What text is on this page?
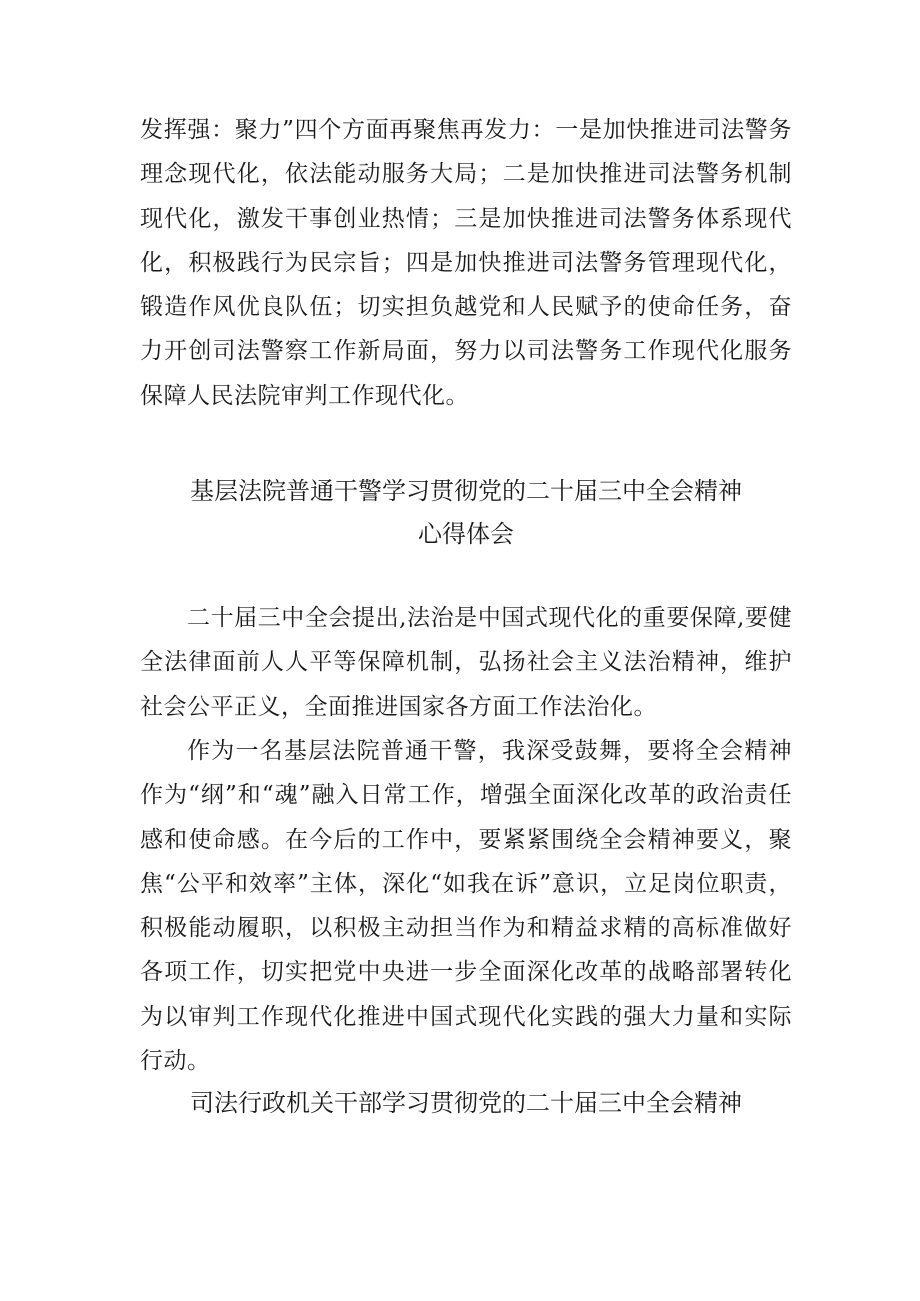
发挥强：聚力”四个方面再聚焦再发力：一是加快推进司法警务理念现代化，依法能动服务大局；二是加快推进司法警务机制现代化，激发干事创业热情；三是加快推进司法警务体系现代化，积极践行为民宗旨；四是加快推进司法警务管理现代化，锻造作风优良队伍；切实担负越党和人民赋予的使命任务，奋力开创司法警察工作新局面，努力以司法警务工作现代化服务保障人民法院审判工作现代化。

基层法院普通干警学习贯彻党的二十届三中全会精神
心得体会

二十届三中全会提出,法治是中国式现代化的重要保障,要健全法律面前人人平等保障机制，弘扬社会主义法治精神，维护社会公平正义，全面推进国家各方面工作法治化。

作为一名基层法院普通干警，我深受鼓舞，要将全会精神作为“纲”和“魂”融入日常工作，增强全面深化改革的政治责任感和使命感。在今后的工作中，要紧紧围绕全会精神要义，聚焦“公平和效率”主体，深化“如我在诉”意识，立足岗位职责，积极能动履职，以积极主动担当作为和精益求精的高标准做好各项工作，切实把党中央进一步全面深化改革的战略部署转化为以审判工作现代化推进中国式现代化实践的强大力量和实际行动。

司法行政机关干部学习贯彻党的二十届三中全会精神
